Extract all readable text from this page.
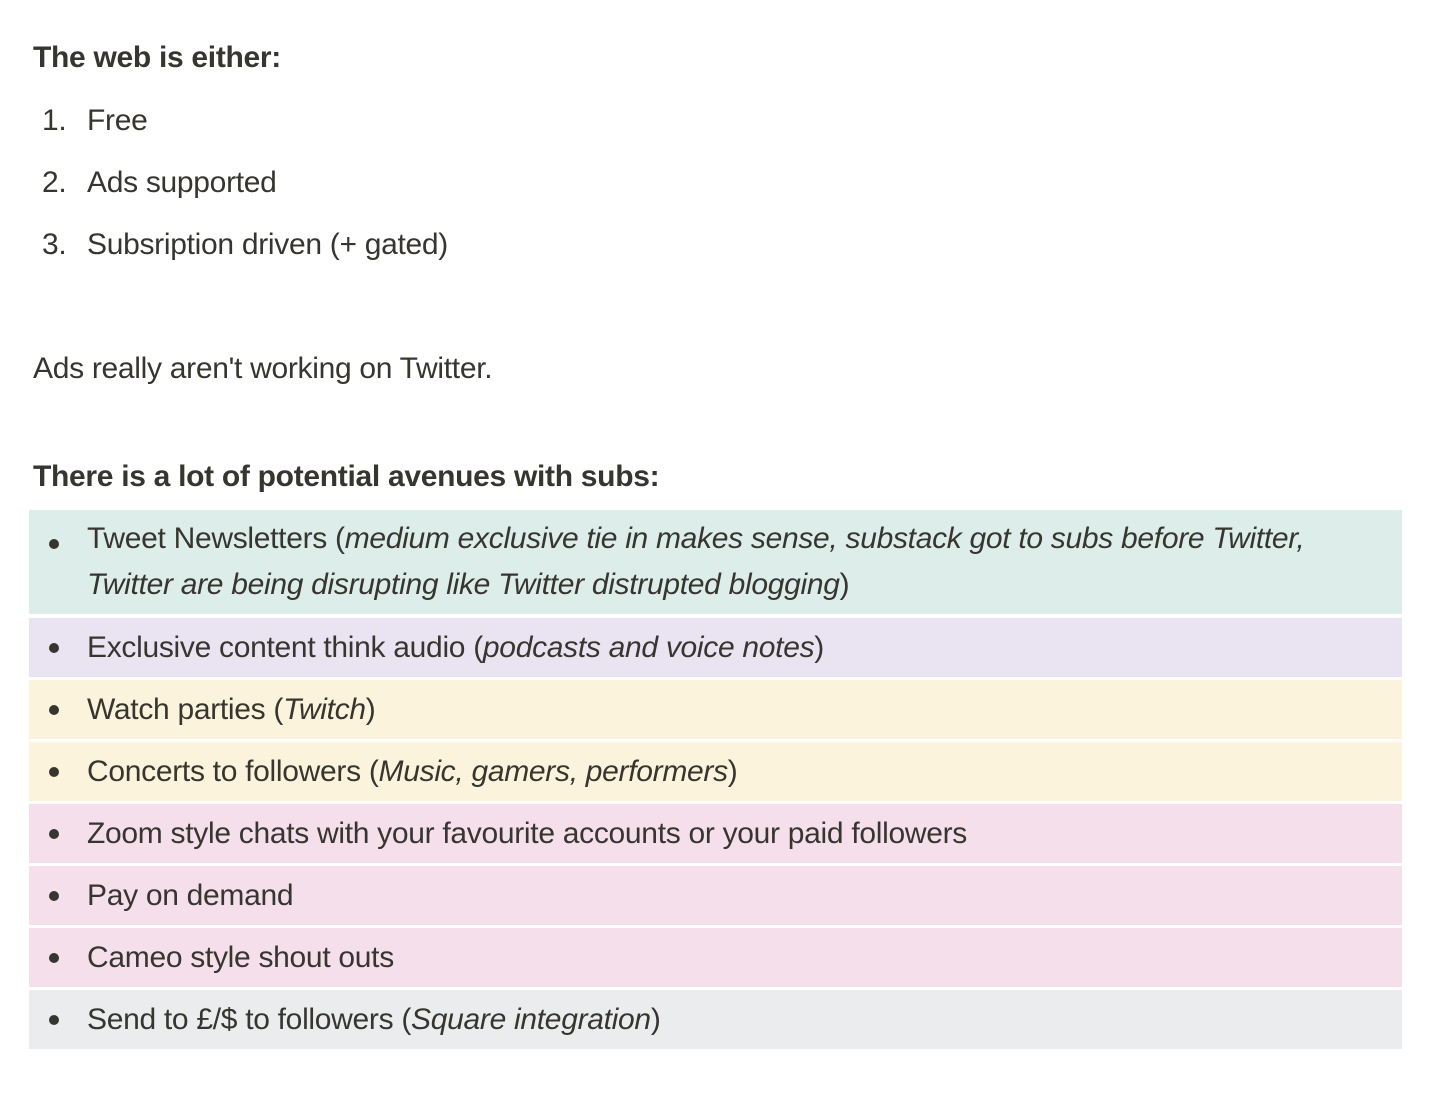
The web is either:
1. Free
2. Ads supported
3. Subsription driven (+ gated)
Ads really aren't working on Twitter.
There is a lot of potential avenues with subs:
Tweet Newsletters (medium exclusive tie in makes sense, substack got to subs before Twitter, Twitter are being disrupting like Twitter distrupted blogging)
Exclusive content think audio (podcasts and voice notes)
Watch parties (Twitch)
Concerts to followers (Music, gamers, performers)
Zoom style chats with your favourite accounts or your paid followers
Pay on demand
Cameo style shout outs
Send to £/$ to followers (Square integration)
